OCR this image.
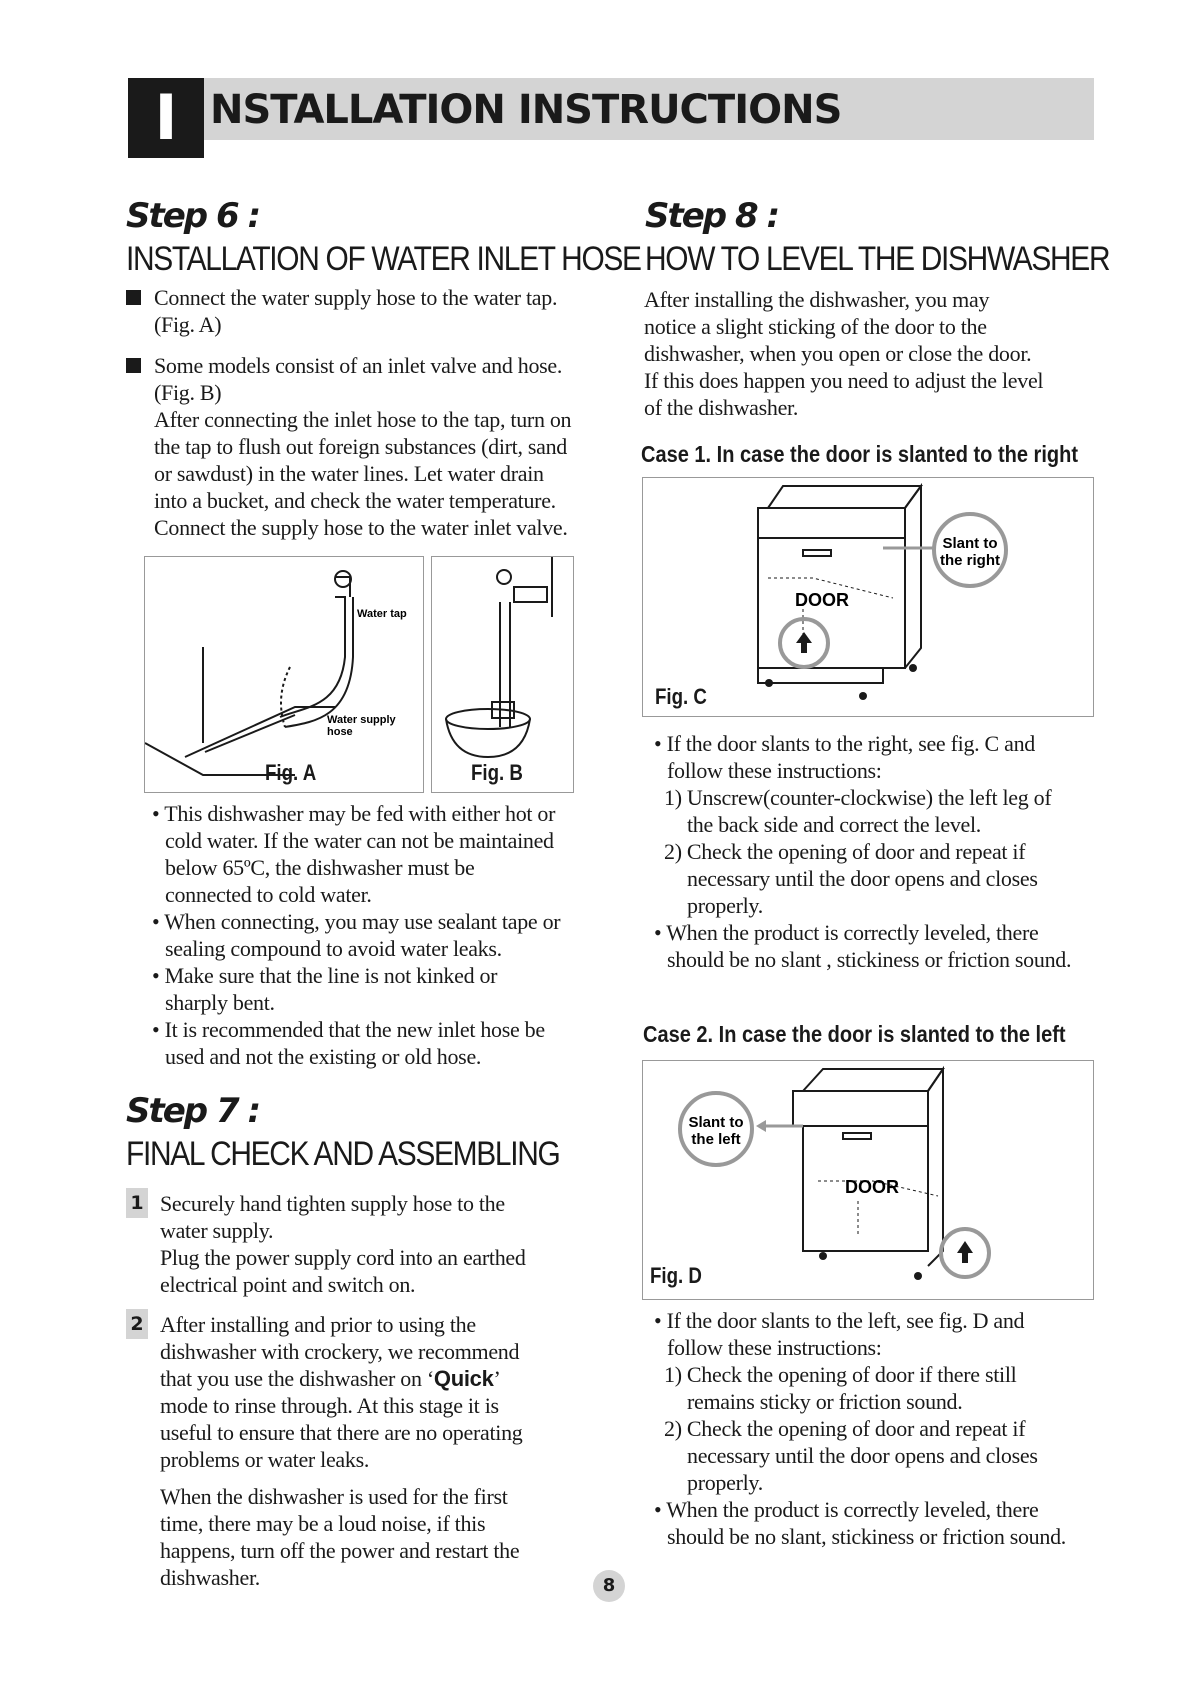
I NSTALLATION INSTRUCTIONS
Step 6 :
INSTALLATION OF WATER INLET HOSE

Connect the water supply hose to the water tap.

(Fig. A)

Some models consist of an inlet valve and hose.

(Fig. B)

After connecting the inlet hose to the tap, turn on

the tap to flush out foreign substances (dirt, sand

or sawdust) in the water lines. Let water drain

into a bucket, and check the water temperature.

Connect the supply hose to the water inlet valve.

Water tap
Water supply
hose
Fig. A	Fig. B

• This dishwasher may be fed with either hot or

cold water. If the water can not be maintained

below 65ºC, the dishwasher must be

connected to cold water.

• When connecting, you may use sealant tape or

sealing compound to avoid water leaks.

• Make sure that the line is not kinked or

sharply bent.

• It is recommended that the new inlet hose be

used and not the existing or old hose.

Step 7 :
FINAL CHECK AND ASSEMBLING
1 Securely hand tighten supply hose to the

water supply.

Plug the power supply cord into an earthed

electrical point and switch on.

2 After installing and prior to using the

dishwasher with crockery, we recommend

that you use the dishwasher on ‘Quick’

mode to rinse through. At this stage it is

useful to ensure that there are no operating

problems or water leaks.

When the dishwasher is used for the first

time, there may be a loud noise, if this

happens, turn off the power and restart the

dishwasher.

Step 8 :
HOW TO LEVEL THE DISHWASHER

After installing the dishwasher, you may

notice a slight sticking of the door to the

dishwasher, when you open or close the door.

If this does happen you need to adjust the level

of the dishwasher.

Case 1. In case the door is slanted to the right
Slant to
the right
DOOR
Fig. C

• If the door slants to the right, see fig. C and

follow these instructions:

1) Unscrew(counter-clockwise) the left leg of

the back side and correct the level.

2) Check the opening of door and repeat if

necessary until the door opens and closes

properly.

• When the product is correctly leveled, there

should be no slant , stickiness or friction sound.

Case 2. In case the door is slanted to the left
Slant to
the left
DOOR
Fig. D

• If the door slants to the left, see fig. D and

follow these instructions:

1) Check the opening of door if there still

remains sticky or friction sound.

2) Check the opening of door and repeat if

necessary until the door opens and closes

properly.

• When the product is correctly leveled, there

should be no slant, stickiness or friction sound.

8
